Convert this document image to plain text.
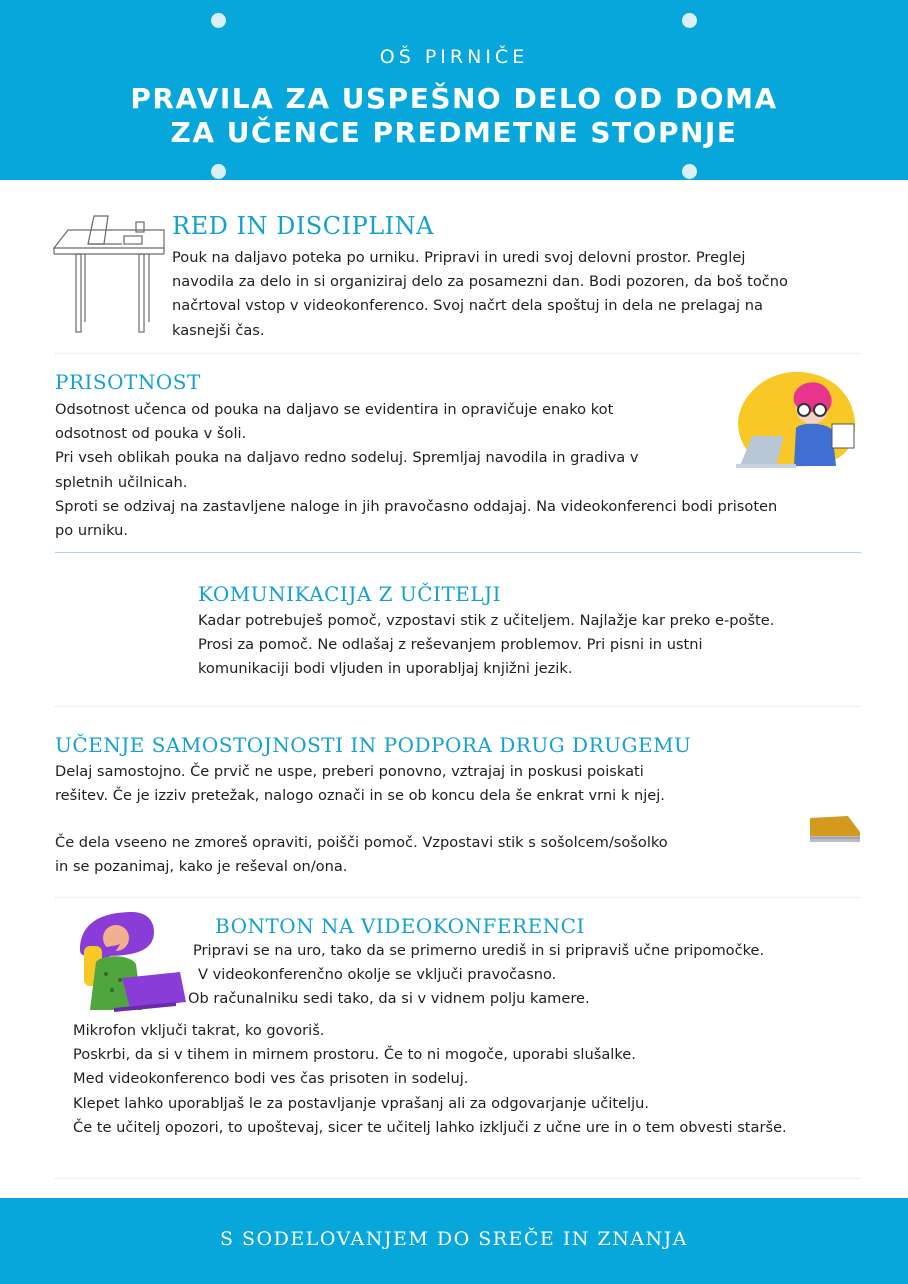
OŠ PIRNIČE
PRAVILA ZA USPEŠNO DELO OD DOMA
ZA UČENCE PREDMETNE STOPNJE
RED IN DISCIPLINA
Pouk na daljavo poteka po urniku. Pripravi in uredi svoj delovni prostor. Preglej
navodila za delo in si organiziraj delo za posamezni dan. Bodi pozoren, da boš točno
načrtoval vstop v videokonferenco. Svoj načrt dela spoštuj in dela ne prelagaj na
kasnejši čas.
PRISOTNOST
Odsotnost učenca od pouka na daljavo se evidentira in opravičuje enako kot
odsotnost od pouka v šoli.
Pri vseh oblikah pouka na daljavo redno sodeluj. Spremljaj navodila in gradiva v
spletnih učilnicah.
Sproti se odzivaj na zastavljene naloge in jih pravočasno oddajaj. Na videokonferenci bodi prisoten
po urniku.
KOMUNIKACIJA Z UČITELJI
Kadar potrebuješ pomoč, vzpostavi stik z učiteljem. Najlažje kar preko e-pošte.
Prosi za pomoč. Ne odlašaj z reševanjem problemov. Pri pisni in ustni
komunikaciji bodi vljuden in uporabljaj knjižni jezik.
UČENJE SAMOSTOJNOSTI IN PODPORA DRUG DRUGEMU
Delaj samostojno. Če prvič ne uspe, preberi ponovno, vztrajaj in poskusi poiskati
rešitev. Če je izziv pretežak, nalogo označi in se ob koncu dela še enkrat vrni k njej.
Če dela vseeno ne zmoreš opraviti, poišči pomoč. Vzpostavi stik s sošolcem/sošolko
in se pozanimaj, kako je reševal on/ona.
BONTON NA VIDEOKONFERENCI
Pripravi se na uro, tako da se primerno urediš in si pripraviš učne pripomočke.
V videokonferenčno okolje se vključi pravočasno.
Ob računalniku sedi tako, da si v vidnem polju kamere.
Mikrofon vključi takrat, ko govoriš.
Poskrbi, da si v tihem in mirnem prostoru. Če to ni mogoče, uporabi slušalke.
Med videokonferenco bodi ves čas prisoten in sodeluj.
Klepet lahko uporabljaš le za postavljanje vprašanj ali za odgovarjanje učitelju.
Če te učitelj opozori, to upoštevaj, sicer te učitelj lahko izključi z učne ure in o tem obvesti starše.
S SODELOVANJEM DO SREČE IN ZNANJA
